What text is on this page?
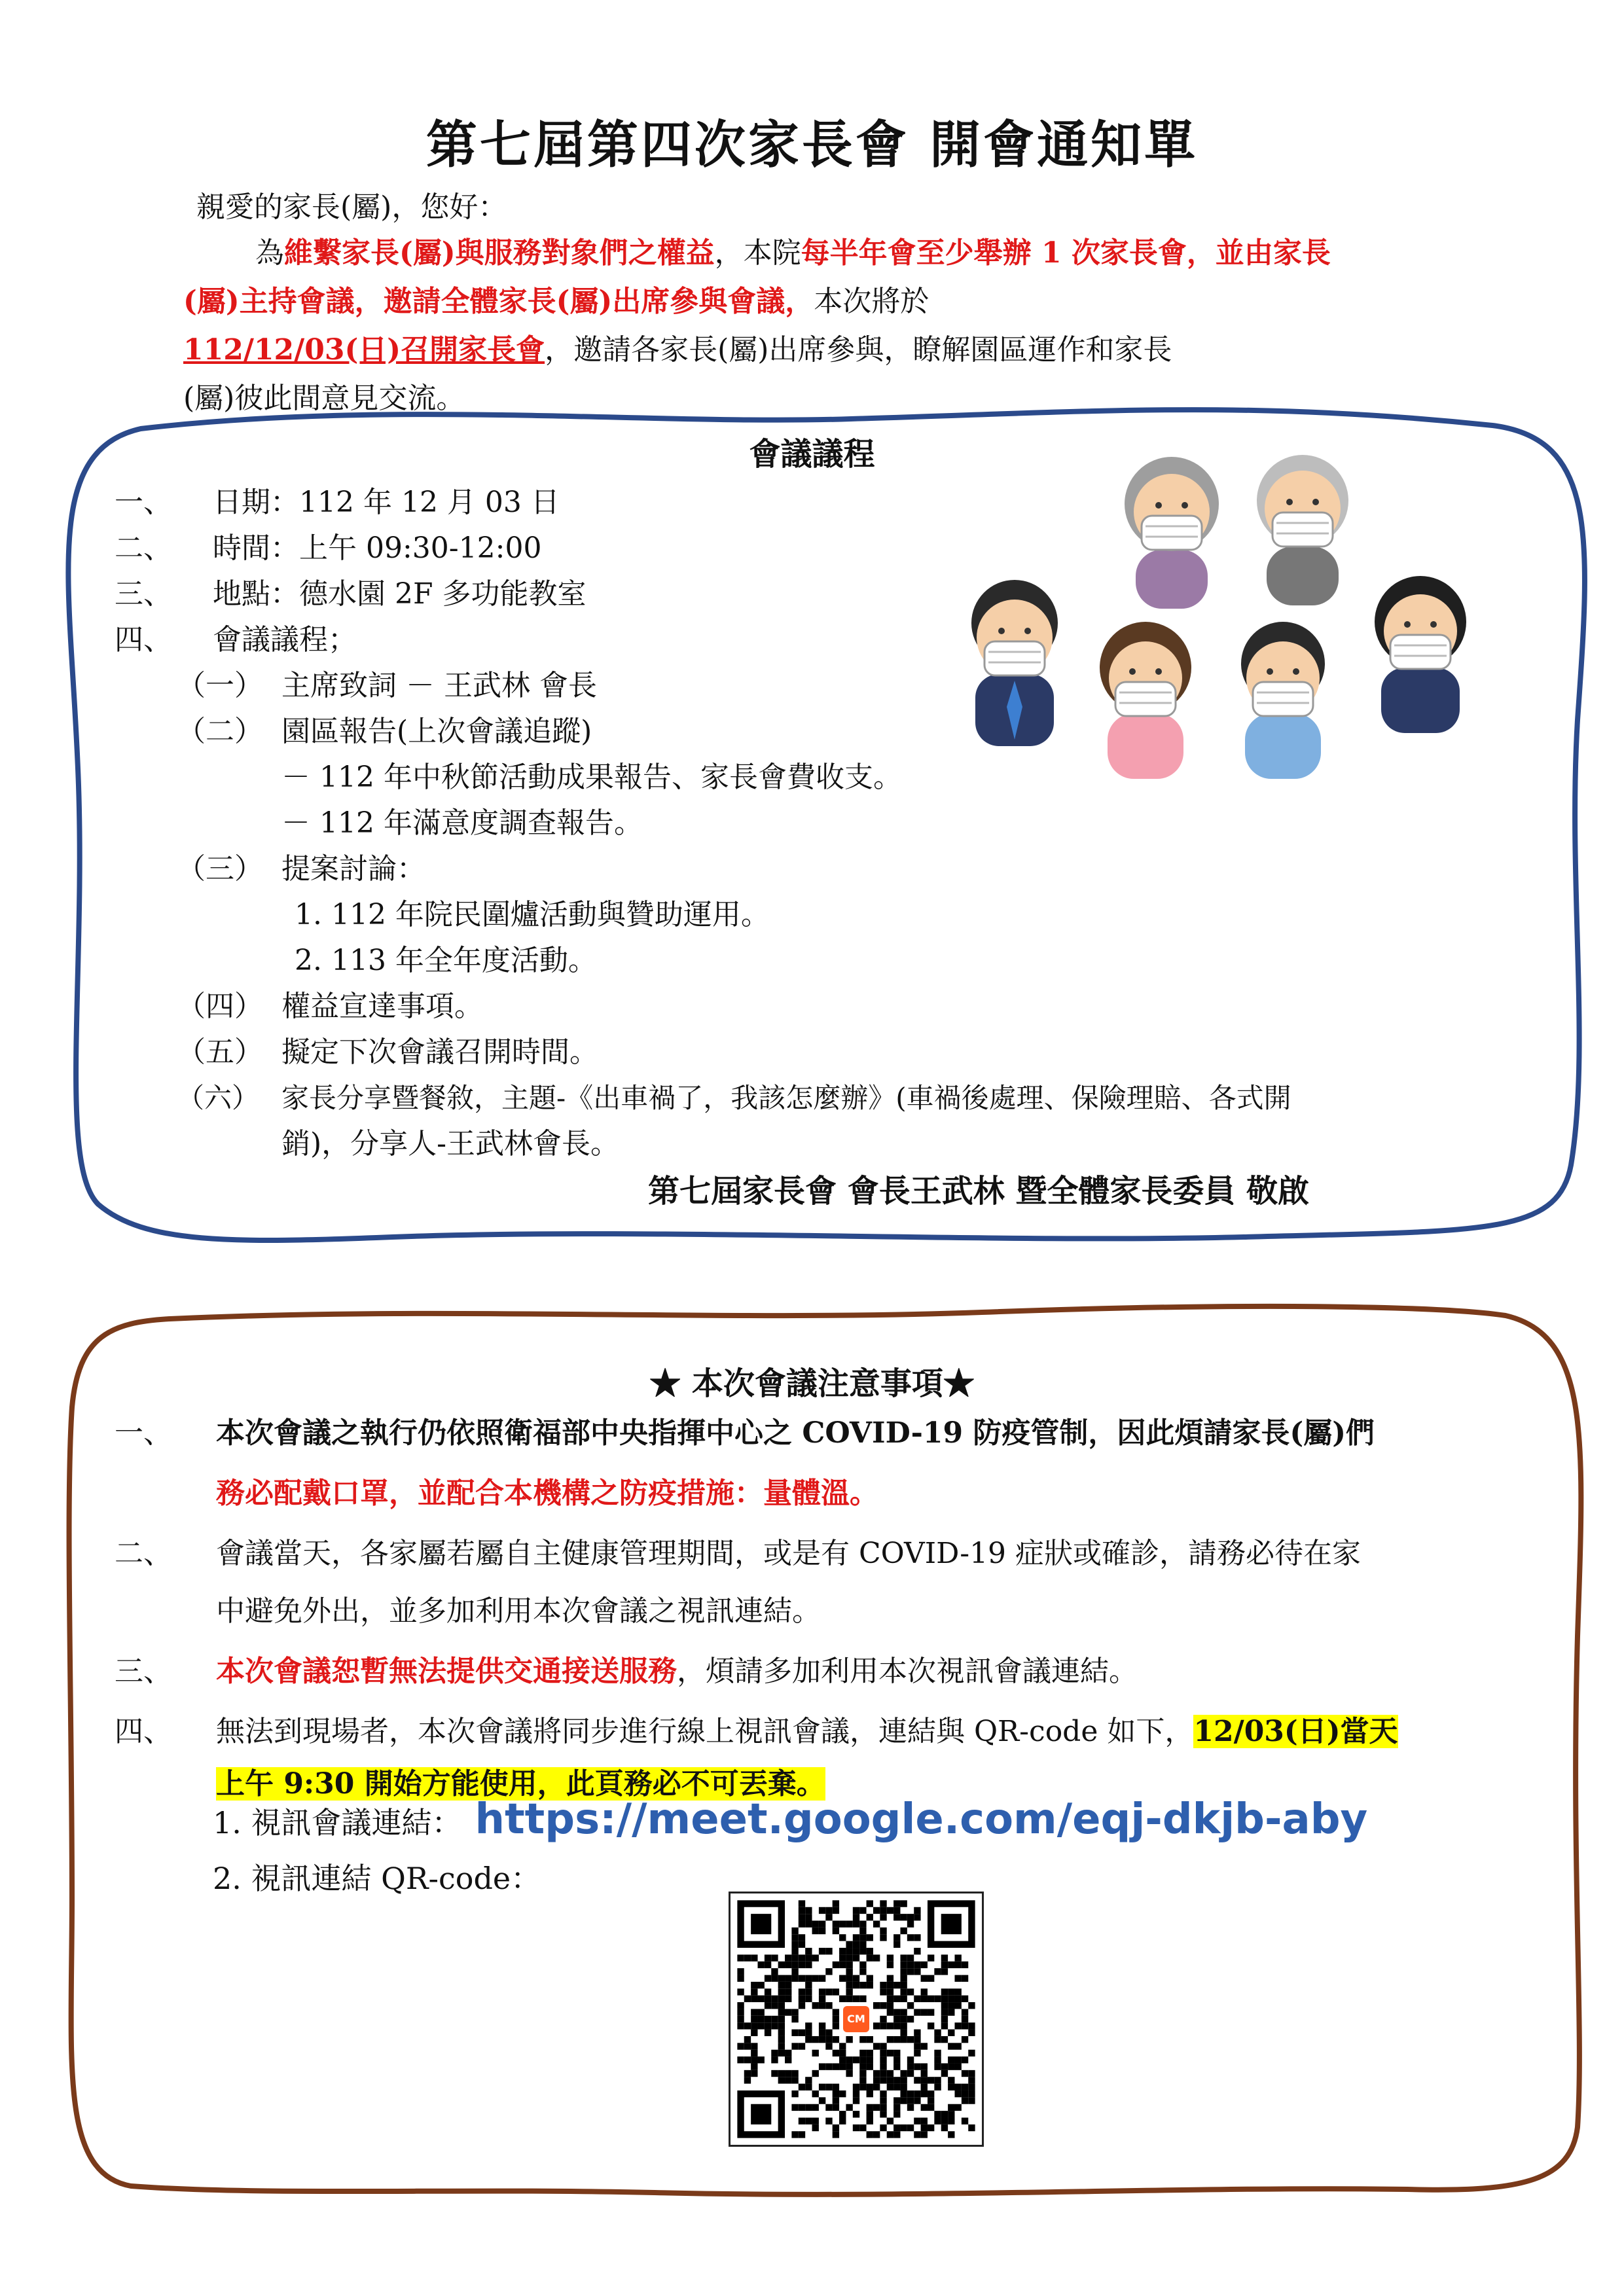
第七屆第四次家長會 開會通知單
親愛的家長(屬)，您好：
為維繫家長(屬)與服務對象們之權益，本院每半年會至少舉辦 1 次家長會，並由家長
(屬)主持會議，邀請全體家長(屬)出席參與會議，本次將於
112/12/03(日)召開家長會，邀請各家長(屬)出席參與，瞭解園區運作和家長
(屬)彼此間意見交流。
會議議程
一、 日期：112 年 12 月 03 日
二、 時間：上午 09:30-12:00
三、 地點：德水園 2F 多功能教室
四、 會議議程；
（一） 主席致詞 － 王武林 會長
（二） 園區報告(上次會議追蹤)
－ 112 年中秋節活動成果報告、家長會費收支。
－ 112 年滿意度調查報告。
（三） 提案討論：
1. 112 年院民圍爐活動與贊助運用。
2. 113 年全年度活動。
（四） 權益宣達事項。
（五） 擬定下次會議召開時間。
（六） 家長分享暨餐敘，主題-《出車禍了，我該怎麼辦》(車禍後處理、保險理賠、各式開
銷)，分享人-王武林會長。
第七屆家長會 會長王武林 暨全體家長委員 敬啟
★ 本次會議注意事項★
一、 本次會議之執行仍依照衛福部中央指揮中心之 COVID-19 防疫管制，因此煩請家長(屬)們
務必配戴口罩，並配合本機構之防疫措施：量體溫。
二、 會議當天，各家屬若屬自主健康管理期間，或是有 COVID-19 症狀或確診，請務必待在家
中避免外出，並多加利用本次會議之視訊連結。
三、 本次會議恕暫無法提供交通接送服務，煩請多加利用本次視訊會議連結。
四、 無法到現場者，本次會議將同步進行線上視訊會議，連結與 QR-code 如下，12/03(日)當天
上午 9:30 開始方能使用，此頁務必不可丟棄。
1. 視訊會議連結： https://meet.google.com/eqj-dkjb-aby
2. 視訊連結 QR-code：
CM
